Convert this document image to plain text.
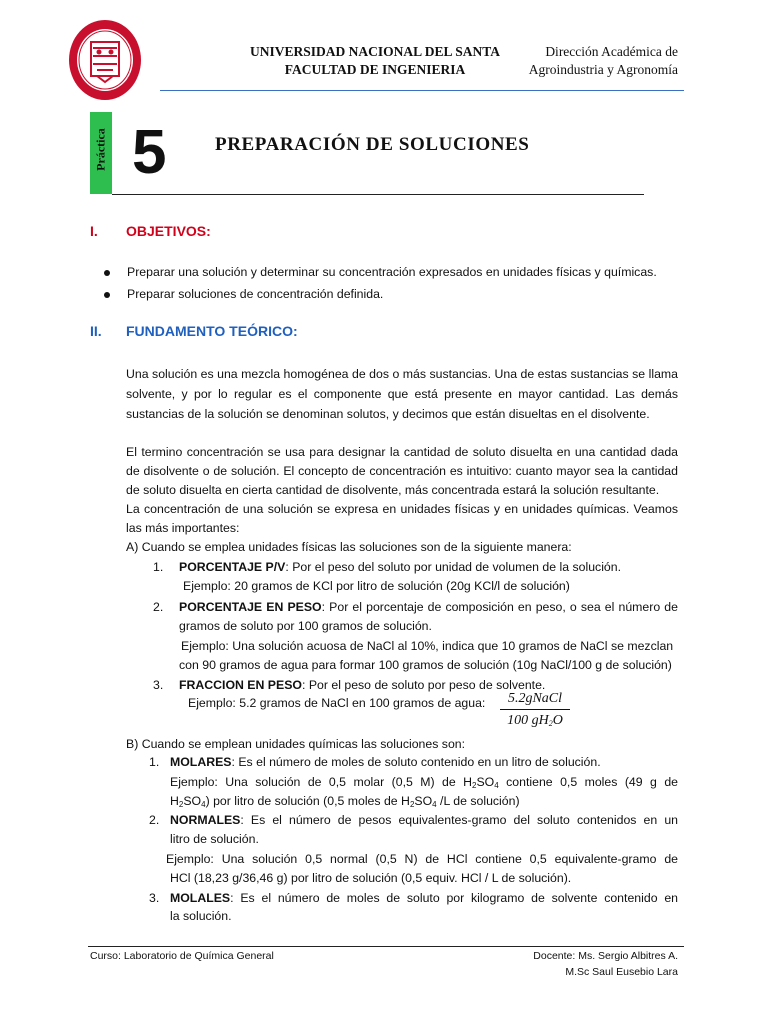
UNIVERSIDAD NACIONAL DEL SANTA
FACULTAD DE INGENIERIA
Dirección Académica de
Agroindustria y Agronomía
Práctica 5	PREPARACIÓN DE SOLUCIONES
I. OBJETIVOS:
Preparar una solución y determinar su concentración expresados en unidades físicas y químicas.
Preparar soluciones de concentración definida.
II. FUNDAMENTO TEÓRICO:
Una solución es una mezcla homogénea de dos o más sustancias. Una de estas sustancias se llama
solvente, y por lo regular es el componente que está presente en mayor cantidad. Las demás
sustancias de la solución se denominan solutos, y decimos que están disueltas en el disolvente.
El termino concentración se usa para designar la cantidad de soluto disuelta en una cantidad dada
de disolvente o de solución. El concepto de concentración es intuitivo: cuanto mayor sea la cantidad
de soluto disuelta en cierta cantidad de disolvente, más concentrada estará la solución resultante.
La concentración de una solución se expresa en unidades físicas y en unidades químicas. Veamos
las más importantes:
A) Cuando se emplea unidades físicas las soluciones son de la siguiente manera:
1. PORCENTAJE P/V: Por el peso del soluto por unidad de volumen de la solución.
Ejemplo: 20 gramos de KCl por litro de solución (20g KCl/l de solución)
2. PORCENTAJE EN PESO: Por el porcentaje de composición en peso, o sea el número de
gramos de soluto por 100 gramos de solución.
Ejemplo: Una solución acuosa de NaCl al 10%, indica que 10 gramos de NaCl se mezclan
con 90 gramos de agua para formar 100 gramos de solución (10g NaCl/100 g de solución)
3. FRACCION EN PESO: Por el peso de soluto por peso de solvente.
Ejemplo: 5.2 gramos de NaCl en 100 gramos de agua:	5.2gNaCl
100 $gH_2O$
B) Cuando se emplean unidades químicas las soluciones son:
1. MOLARES: Es el número de moles de soluto contenido en un litro de solución.
Ejemplo: Una solución de 0,5 molar (0,5 M) de $H_2SO_4$ contiene 0,5 moles (49 g de
$H_2SO_4$) por litro de solución (0,5 moles de $H_2SO_4$ /L de solución)
2. NORMALES: Es el número de pesos equivalentes-gramo del soluto contenidos en un
litro de solución.
Ejemplo: Una solución 0,5 normal (0,5 N) de HCl contiene 0,5 equivalente-gramo de
HCl (18,23 g/36,46 g) por litro de solución (0,5 equiv. HCl / L de solución).
3. MOLALES: Es el número de moles de soluto por kilogramo de solvente contenido en
la solución.
Curso: Laboratorio de Química General	Docente: Ms. Sergio Albitres A.
M.Sc Saul Eusebio Lara
